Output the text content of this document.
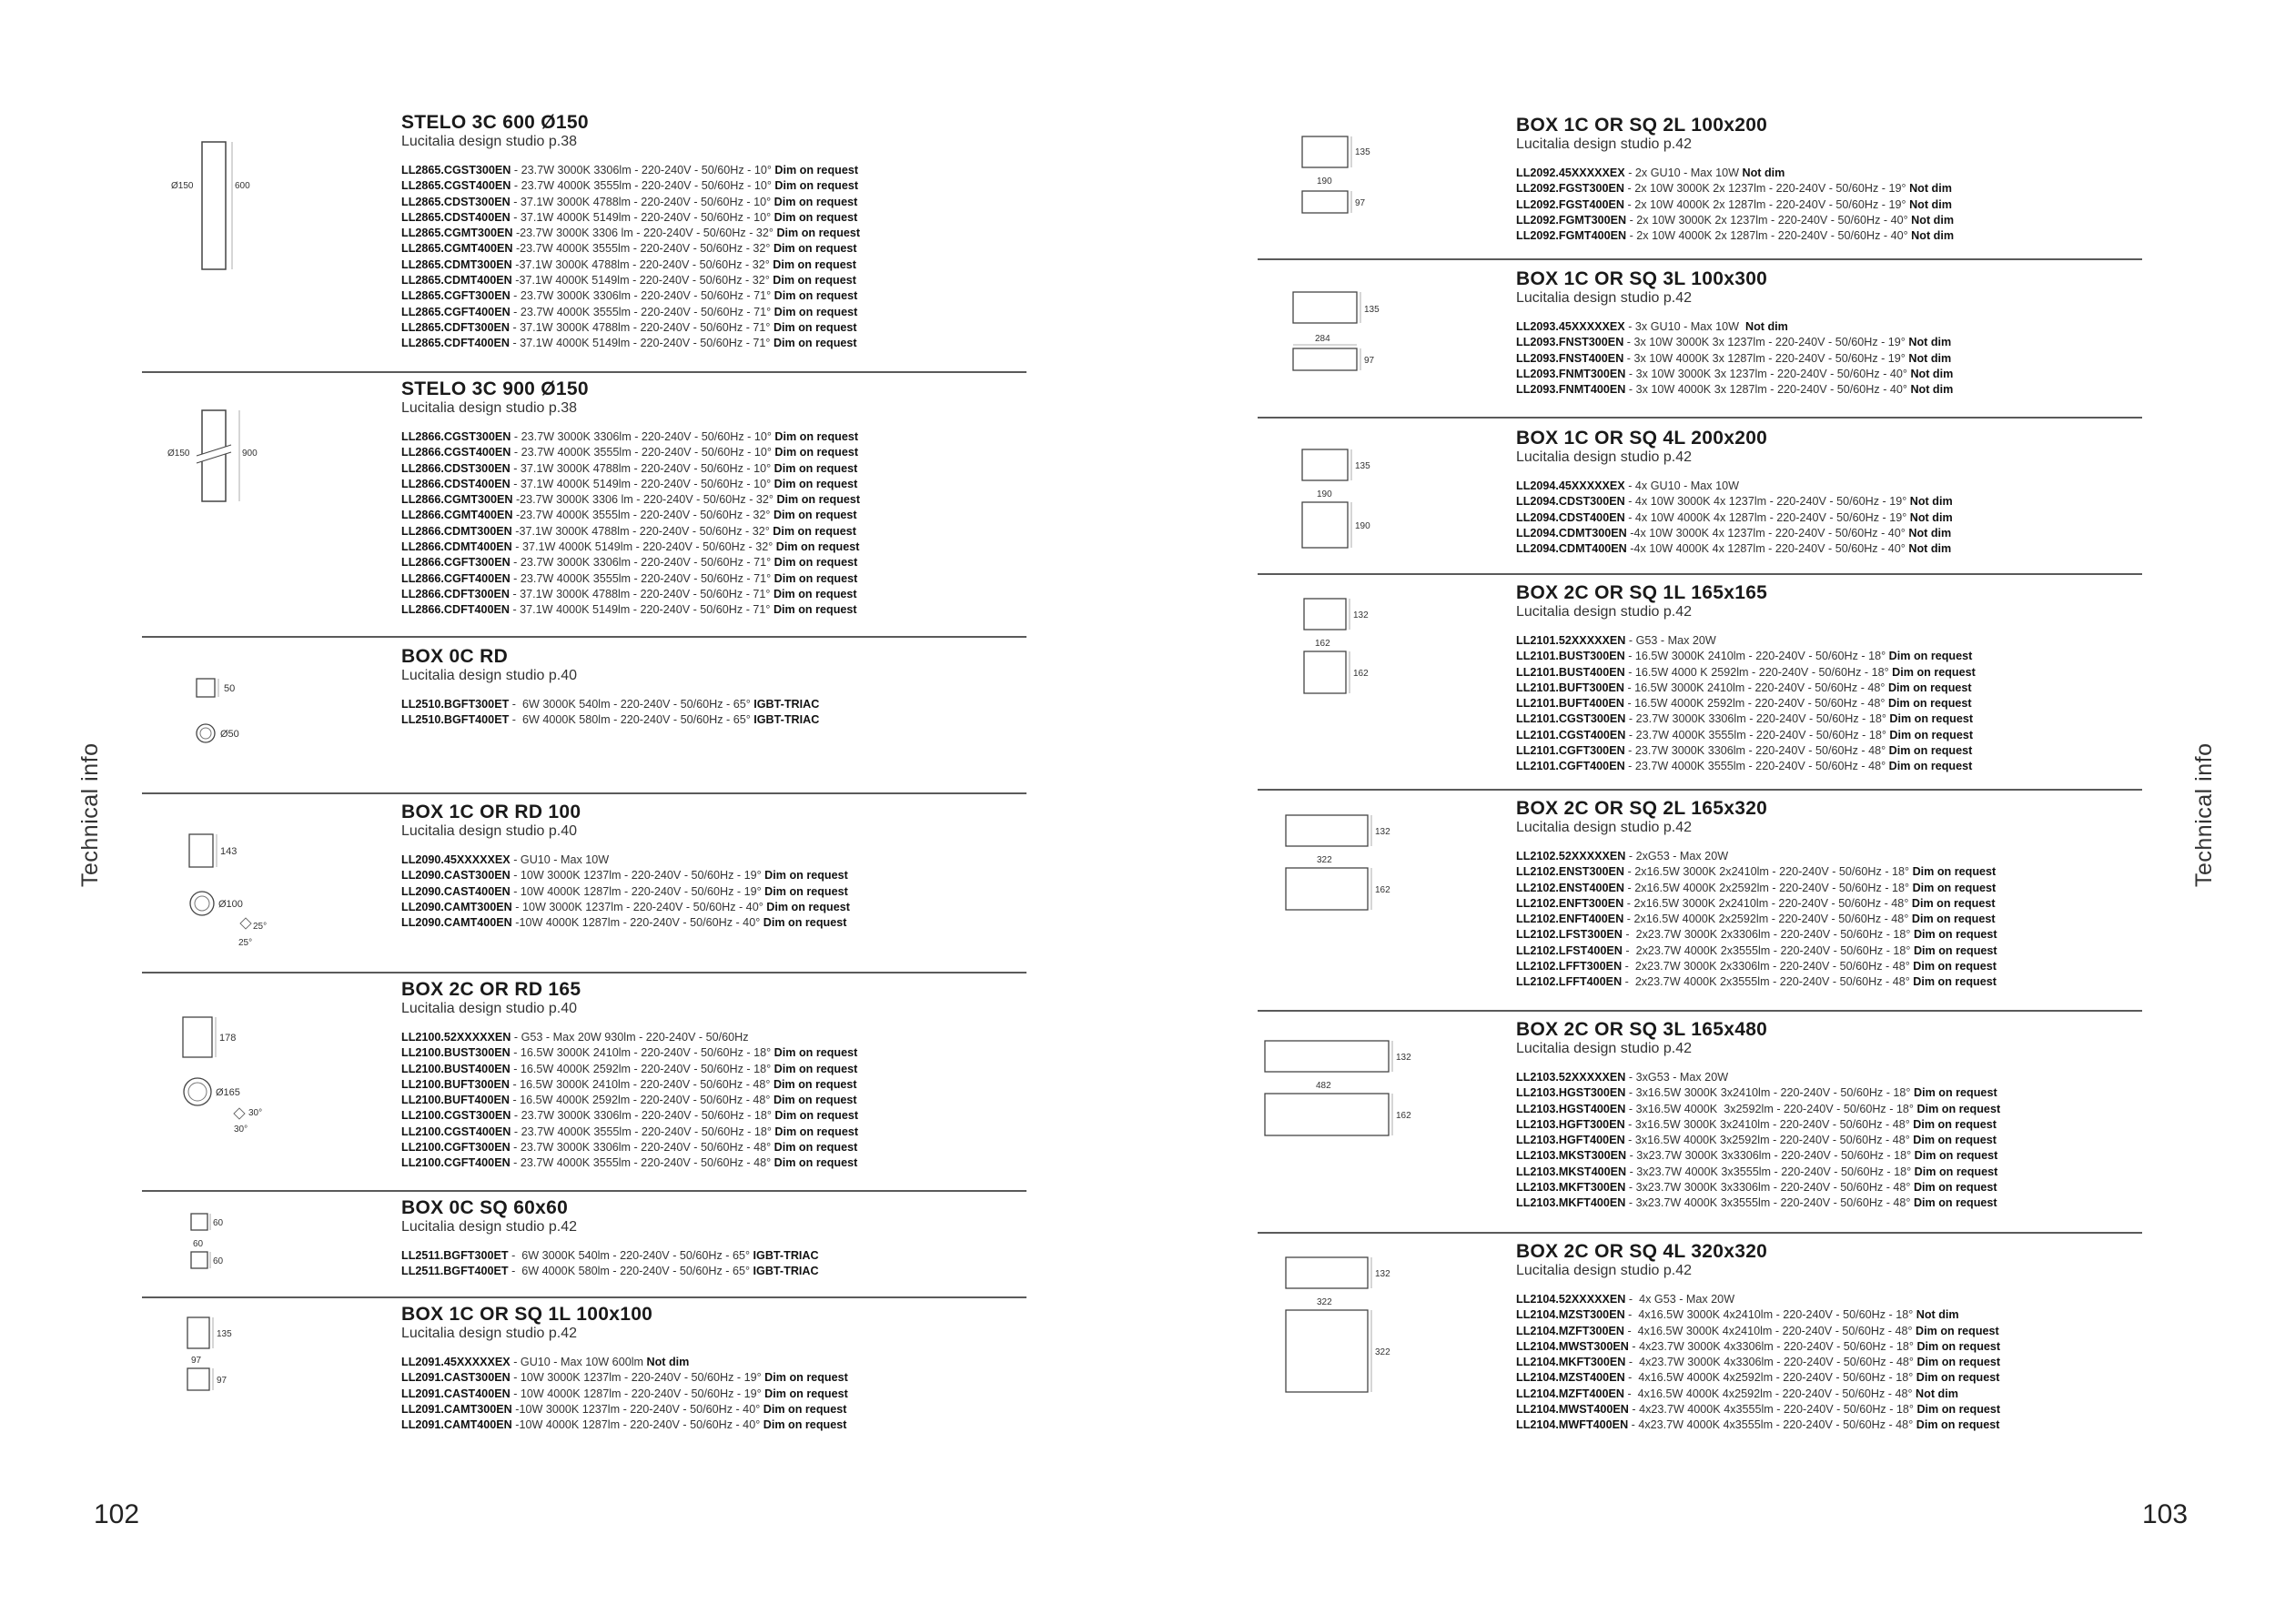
Technical info	Technical info
102	103
Ø150	600
Ø150	900
50
Ø50
143
Ø100
25°
25°
178
Ø165
30°
30°
60
60
60
135
97
97
135
190
97
135
284
97
135
190
190
132
162
162
132
322
162
132
482
162
132
322
322
STELO 3C 600 Ø150
Lucitalia design studio p.38
LL2865.CGST300EN - 23.7W 3000K 3306lm - 220-240V - 50/60Hz - 10° Dim on request
LL2865.CGST400EN - 23.7W 4000K 3555lm - 220-240V - 50/60Hz - 10° Dim on request
LL2865.CDST300EN - 37.1W 3000K 4788lm - 220-240V - 50/60Hz - 10° Dim on request
LL2865.CDST400EN - 37.1W 4000K 5149lm - 220-240V - 50/60Hz - 10° Dim on request
LL2865.CGMT300EN -23.7W 3000K 3306 lm - 220-240V - 50/60Hz - 32° Dim on request
LL2865.CGMT400EN -23.7W 4000K 3555lm - 220-240V - 50/60Hz - 32° Dim on request
LL2865.CDMT300EN -37.1W 3000K 4788lm - 220-240V - 50/60Hz - 32° Dim on request
LL2865.CDMT400EN -37.1W 4000K 5149lm - 220-240V - 50/60Hz - 32° Dim on request
LL2865.CGFT300EN - 23.7W 3000K 3306lm - 220-240V - 50/60Hz - 71° Dim on request
LL2865.CGFT400EN - 23.7W 4000K 3555lm - 220-240V - 50/60Hz - 71° Dim on request
LL2865.CDFT300EN - 37.1W 3000K 4788lm - 220-240V - 50/60Hz - 71° Dim on request
LL2865.CDFT400EN - 37.1W 4000K 5149lm - 220-240V - 50/60Hz - 71° Dim on request
STELO 3C 900 Ø150
Lucitalia design studio p.38
LL2866.CGST300EN - 23.7W 3000K 3306lm - 220-240V - 50/60Hz - 10° Dim on request
LL2866.CGST400EN - 23.7W 4000K 3555lm - 220-240V - 50/60Hz - 10° Dim on request
LL2866.CDST300EN - 37.1W 3000K 4788lm - 220-240V - 50/60Hz - 10° Dim on request
LL2866.CDST400EN - 37.1W 4000K 5149lm - 220-240V - 50/60Hz - 10° Dim on request
LL2866.CGMT300EN -23.7W 3000K 3306 lm - 220-240V - 50/60Hz - 32° Dim on request
LL2866.CGMT400EN -23.7W 4000K 3555lm - 220-240V - 50/60Hz - 32° Dim on request
LL2866.CDMT300EN -37.1W 3000K 4788lm - 220-240V - 50/60Hz - 32° Dim on request
LL2866.CDMT400EN - 37.1W 4000K 5149lm - 220-240V - 50/60Hz - 32° Dim on request
LL2866.CGFT300EN - 23.7W 3000K 3306lm - 220-240V - 50/60Hz - 71° Dim on request
LL2866.CGFT400EN - 23.7W 4000K 3555lm - 220-240V - 50/60Hz - 71° Dim on request
LL2866.CDFT300EN - 37.1W 3000K 4788lm - 220-240V - 50/60Hz - 71° Dim on request
LL2866.CDFT400EN - 37.1W 4000K 5149lm - 220-240V - 50/60Hz - 71° Dim on request
BOX 0C RD
Lucitalia design studio p.40
LL2510.BGFT300ET -  6W 3000K 540lm - 220-240V - 50/60Hz - 65° IGBT-TRIAC
LL2510.BGFT400ET -  6W 4000K 580lm - 220-240V - 50/60Hz - 65° IGBT-TRIAC
BOX 1C OR RD 100
Lucitalia design studio p.40
LL2090.45XXXXXEX - GU10 - Max 10W
LL2090.CAST300EN - 10W 3000K 1237lm - 220-240V - 50/60Hz - 19° Dim on request
LL2090.CAST400EN - 10W 4000K 1287lm - 220-240V - 50/60Hz - 19° Dim on request
LL2090.CAMT300EN - 10W 3000K 1237lm - 220-240V - 50/60Hz - 40° Dim on request
LL2090.CAMT400EN -10W 4000K 1287lm - 220-240V - 50/60Hz - 40° Dim on request
BOX 2C OR RD 165
Lucitalia design studio p.40
LL2100.52XXXXXEN - G53 - Max 20W 930lm - 220-240V - 50/60Hz
LL2100.BUST300EN - 16.5W 3000K 2410lm - 220-240V - 50/60Hz - 18° Dim on request
LL2100.BUST400EN - 16.5W 4000K 2592lm - 220-240V - 50/60Hz - 18° Dim on request
LL2100.BUFT300EN - 16.5W 3000K 2410lm - 220-240V - 50/60Hz - 48° Dim on request
LL2100.BUFT400EN - 16.5W 4000K 2592lm - 220-240V - 50/60Hz - 48° Dim on request
LL2100.CGST300EN - 23.7W 3000K 3306lm - 220-240V - 50/60Hz - 18° Dim on request
LL2100.CGST400EN - 23.7W 4000K 3555lm - 220-240V - 50/60Hz - 18° Dim on request
LL2100.CGFT300EN - 23.7W 3000K 3306lm - 220-240V - 50/60Hz - 48° Dim on request
LL2100.CGFT400EN - 23.7W 4000K 3555lm - 220-240V - 50/60Hz - 48° Dim on request
BOX 0C SQ 60x60
Lucitalia design studio p.42
LL2511.BGFT300ET -  6W 3000K 540lm - 220-240V - 50/60Hz - 65° IGBT-TRIAC
LL2511.BGFT400ET -  6W 4000K 580lm - 220-240V - 50/60Hz - 65° IGBT-TRIAC
BOX 1C OR SQ 1L 100x100
Lucitalia design studio p.42
LL2091.45XXXXXEX - GU10 - Max 10W 600lm Not dim
LL2091.CAST300EN - 10W 3000K 1237lm - 220-240V - 50/60Hz - 19° Dim on request
LL2091.CAST400EN - 10W 4000K 1287lm - 220-240V - 50/60Hz - 19° Dim on request
LL2091.CAMT300EN -10W 3000K 1237lm - 220-240V - 50/60Hz - 40° Dim on request
LL2091.CAMT400EN -10W 4000K 1287lm - 220-240V - 50/60Hz - 40° Dim on request
BOX 1C OR SQ 2L 100x200
Lucitalia design studio p.42
LL2092.45XXXXXEX - 2x GU10 - Max 10W Not dim
LL2092.FGST300EN - 2x 10W 3000K 2x 1237lm - 220-240V - 50/60Hz - 19° Not dim
LL2092.FGST400EN - 2x 10W 4000K 2x 1287lm - 220-240V - 50/60Hz - 19° Not dim
LL2092.FGMT300EN - 2x 10W 3000K 2x 1237lm - 220-240V - 50/60Hz - 40° Not dim
LL2092.FGMT400EN - 2x 10W 4000K 2x 1287lm - 220-240V - 50/60Hz - 40° Not dim
BOX 1C OR SQ 3L 100x300
Lucitalia design studio p.42
LL2093.45XXXXXEX - 3x GU10 - Max 10W  Not dim
LL2093.FNST300EN - 3x 10W 3000K 3x 1237lm - 220-240V - 50/60Hz - 19° Not dim
LL2093.FNST400EN - 3x 10W 4000K 3x 1287lm - 220-240V - 50/60Hz - 19° Not dim
LL2093.FNMT300EN - 3x 10W 3000K 3x 1237lm - 220-240V - 50/60Hz - 40° Not dim
LL2093.FNMT400EN - 3x 10W 4000K 3x 1287lm - 220-240V - 50/60Hz - 40° Not dim
BOX 1C OR SQ 4L 200x200
Lucitalia design studio p.42
LL2094.45XXXXXEX - 4x GU10 - Max 10W
LL2094.CDST300EN - 4x 10W 3000K 4x 1237lm - 220-240V - 50/60Hz - 19° Not dim
LL2094.CDST400EN - 4x 10W 4000K 4x 1287lm - 220-240V - 50/60Hz - 19° Not dim
LL2094.CDMT300EN -4x 10W 3000K 4x 1237lm - 220-240V - 50/60Hz - 40° Not dim
LL2094.CDMT400EN -4x 10W 4000K 4x 1287lm - 220-240V - 50/60Hz - 40° Not dim
BOX 2C OR SQ 1L 165x165
Lucitalia design studio p.42
LL2101.52XXXXXEN - G53 - Max 20W
LL2101.BUST300EN - 16.5W 3000K 2410lm - 220-240V - 50/60Hz - 18° Dim on request
LL2101.BUST400EN - 16.5W 4000 K 2592lm - 220-240V - 50/60Hz - 18° Dim on request
LL2101.BUFT300EN - 16.5W 3000K 2410lm - 220-240V - 50/60Hz - 48° Dim on request
LL2101.BUFT400EN - 16.5W 4000K 2592lm - 220-240V - 50/60Hz - 48° Dim on request
LL2101.CGST300EN - 23.7W 3000K 3306lm - 220-240V - 50/60Hz - 18° Dim on request
LL2101.CGST400EN - 23.7W 4000K 3555lm - 220-240V - 50/60Hz - 18° Dim on request
LL2101.CGFT300EN - 23.7W 3000K 3306lm - 220-240V - 50/60Hz - 48° Dim on request
LL2101.CGFT400EN - 23.7W 4000K 3555lm - 220-240V - 50/60Hz - 48° Dim on request
BOX 2C OR SQ 2L 165x320
Lucitalia design studio p.42
LL2102.52XXXXXEN - 2xG53 - Max 20W
LL2102.ENST300EN - 2x16.5W 3000K 2x2410lm - 220-240V - 50/60Hz - 18° Dim on request
LL2102.ENST400EN - 2x16.5W 4000K 2x2592lm - 220-240V - 50/60Hz - 18° Dim on request
LL2102.ENFT300EN - 2x16.5W 3000K 2x2410lm - 220-240V - 50/60Hz - 48° Dim on request
LL2102.ENFT400EN - 2x16.5W 4000K 2x2592lm - 220-240V - 50/60Hz - 48° Dim on request
LL2102.LFST300EN -  2x23.7W 3000K 2x3306lm - 220-240V - 50/60Hz - 18° Dim on request
LL2102.LFST400EN -  2x23.7W 4000K 2x3555lm - 220-240V - 50/60Hz - 18° Dim on request
LL2102.LFFT300EN -  2x23.7W 3000K 2x3306lm - 220-240V - 50/60Hz - 48° Dim on request
LL2102.LFFT400EN -  2x23.7W 4000K 2x3555lm - 220-240V - 50/60Hz - 48° Dim on request
BOX 2C OR SQ 3L 165x480
Lucitalia design studio p.42
LL2103.52XXXXXEN - 3xG53 - Max 20W
LL2103.HGST300EN - 3x16.5W 3000K 3x2410lm - 220-240V - 50/60Hz - 18° Dim on request
LL2103.HGST400EN - 3x16.5W 4000K  3x2592lm - 220-240V - 50/60Hz - 18° Dim on request
LL2103.HGFT300EN - 3x16.5W 3000K 3x2410lm - 220-240V - 50/60Hz - 48° Dim on request
LL2103.HGFT400EN - 3x16.5W 4000K 3x2592lm - 220-240V - 50/60Hz - 48° Dim on request
LL2103.MKST300EN - 3x23.7W 3000K 3x3306lm - 220-240V - 50/60Hz - 18° Dim on request
LL2103.MKST400EN - 3x23.7W 4000K 3x3555lm - 220-240V - 50/60Hz - 18° Dim on request
LL2103.MKFT300EN - 3x23.7W 3000K 3x3306lm - 220-240V - 50/60Hz - 48° Dim on request
LL2103.MKFT400EN - 3x23.7W 4000K 3x3555lm - 220-240V - 50/60Hz - 48° Dim on request
BOX 2C OR SQ 4L 320x320
Lucitalia design studio p.42
LL2104.52XXXXXEN -  4x G53 - Max 20W
LL2104.MZST300EN -  4x16.5W 3000K 4x2410lm - 220-240V - 50/60Hz - 18° Not dim
LL2104.MZFT300EN -  4x16.5W 3000K 4x2410lm - 220-240V - 50/60Hz - 48° Dim on request
LL2104.MWST300EN - 4x23.7W 3000K 4x3306lm - 220-240V - 50/60Hz - 18° Dim on request
LL2104.MKFT300EN -  4x23.7W 3000K 4x3306lm - 220-240V - 50/60Hz - 48° Dim on request
LL2104.MZST400EN -  4x16.5W 4000K 4x2592lm - 220-240V - 50/60Hz - 18° Dim on request
LL2104.MZFT400EN -  4x16.5W 4000K 4x2592lm - 220-240V - 50/60Hz - 48° Not dim
LL2104.MWST400EN - 4x23.7W 4000K 4x3555lm - 220-240V - 50/60Hz - 18° Dim on request
LL2104.MWFT400EN - 4x23.7W 4000K 4x3555lm - 220-240V - 50/60Hz - 48° Dim on request
